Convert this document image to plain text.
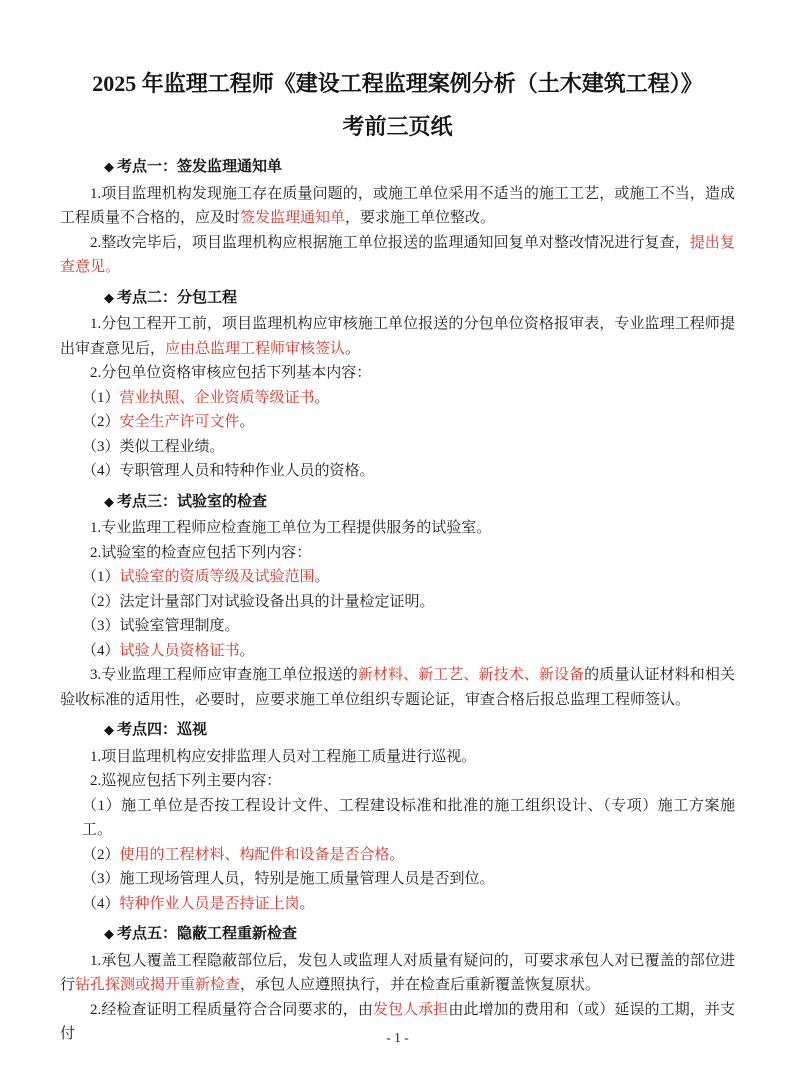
2025 年监理工程师《建设工程监理案例分析（土木建筑工程）》
考前三页纸
◆ 考点一：签发监理通知单
1.项目监理机构发现施工存在质量问题的，或施工单位采用不适当的施工工艺，或施工不当，造成工程质量不合格的，应及时签发监理通知单，要求施工单位整改。
2.整改完毕后，项目监理机构应根据施工单位报送的监理通知回复单对整改情况进行复查，提出复查意见。
◆ 考点二：分包工程
1.分包工程开工前，项目监理机构应审核施工单位报送的分包单位资格报审表，专业监理工程师提出审查意见后，应由总监理工程师审核签认。
2.分包单位资格审核应包括下列基本内容：
（1）营业执照、企业资质等级证书。
（2）安全生产许可文件。
（3）类似工程业绩。
（4）专职管理人员和特种作业人员的资格。
◆ 考点三：试验室的检查
1.专业监理工程师应检查施工单位为工程提供服务的试验室。
2.试验室的检查应包括下列内容：
（1）试验室的资质等级及试验范围。
（2）法定计量部门对试验设备出具的计量检定证明。
（3）试验室管理制度。
（4）试验人员资格证书。
3.专业监理工程师应审查施工单位报送的新材料、新工艺、新技术、新设备的质量认证材料和相关验收标准的适用性，必要时，应要求施工单位组织专题论证，审查合格后报总监理工程师签认。
◆ 考点四：巡视
1.项目监理机构应安排监理人员对工程施工质量进行巡视。
2.巡视应包括下列主要内容：
（1）施工单位是否按工程设计文件、工程建设标准和批准的施工组织设计、（专项）施工方案施工。
（2）使用的工程材料、构配件和设备是否合格。
（3）施工现场管理人员，特别是施工质量管理人员是否到位。
（4）特种作业人员是否持证上岗。
◆ 考点五：隐蔽工程重新检查
1.承包人覆盖工程隐蔽部位后，发包人或监理人对质量有疑问的，可要求承包人对已覆盖的部位进行钻孔探测或揭开重新检查，承包人应遵照执行，并在检查后重新覆盖恢复原状。
2.经检查证明工程质量符合合同要求的，由发包人承担由此增加的费用和（或）延误的工期，并支付	- 1 -
